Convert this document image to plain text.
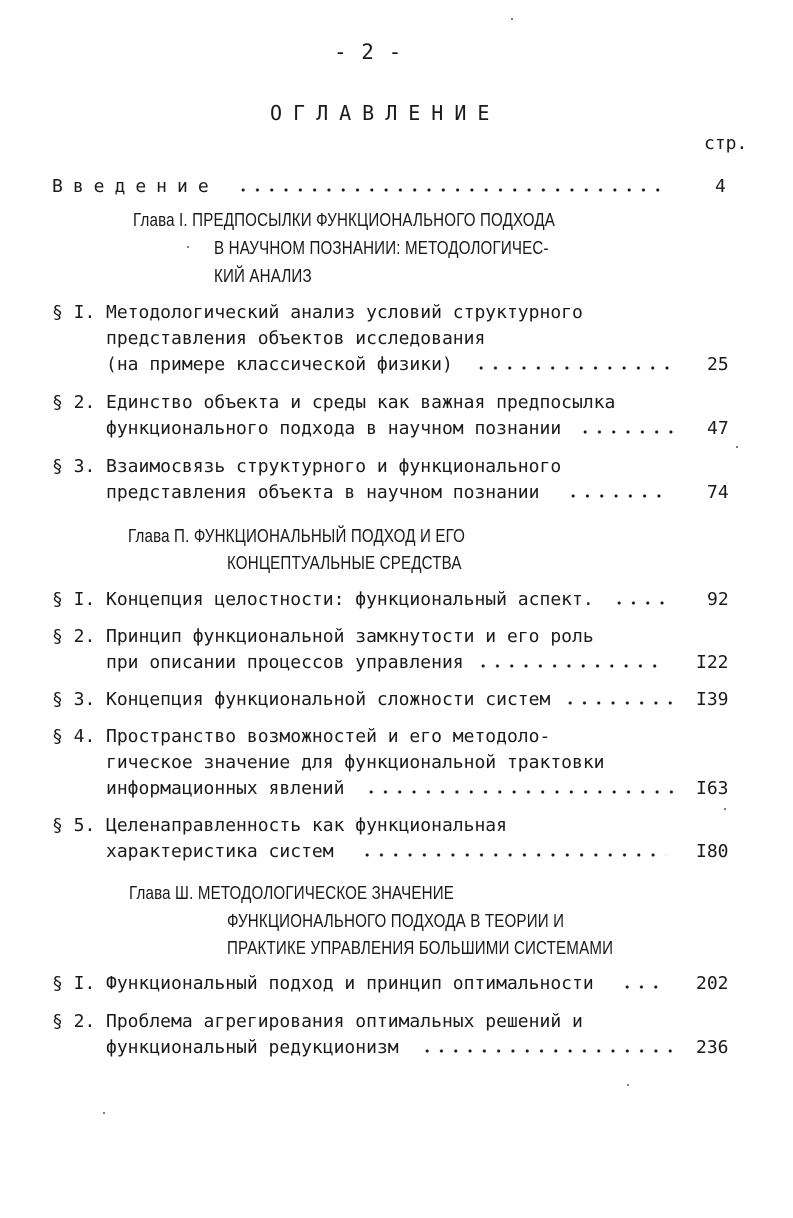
- 2 -
ОГЛАВЛЕНИЕ
стр.
Введение	4
Глава I. ПРЕДПОСЫЛКИ ФУНКЦИОНАЛЬНОГО ПОДХОДА
В НАУЧНОМ ПОЗНАНИИ: МЕТОДОЛОГИЧЕС-
КИЙ АНАЛИЗ
§ I. Методологический анализ условий структурного
представления объектов исследования
(на примере классической физики)	25
§ 2. Единство объекта и среды как важная предпосылка
функционального подхода в научном познании	47
§ 3. Взаимосвязь структурного и функционального
представления объекта в научном познании	74
Глава П. ФУНКЦИОНАЛЬНЫЙ ПОДХОД И ЕГО
КОНЦЕПТУАЛЬНЫЕ СРЕДСТВА
§ I. Концепция целостности: функциональный аспект.	92
§ 2. Принцип функциональной замкнутости и его роль
при описании процессов управления	I22
§ 3. Концепция функциональной сложности систем	I39
§ 4. Пространство возможностей и его методоло-
гическое значение для функциональной трактовки
информационных явлений	I63
§ 5. Целенаправленность как функциональная
характеристика систем	I80
Глава Ш. МЕТОДОЛОГИЧЕСКОЕ ЗНАЧЕНИЕ
ФУНКЦИОНАЛЬНОГО ПОДХОДА В ТЕОРИИ И
ПРАКТИКЕ УПРАВЛЕНИЯ БОЛЬШИМИ СИСТЕМАМИ
§ I. Функциональный подход и принцип оптимальности	202
§ 2. Проблема агрегирования оптимальных решений и
функциональный редукционизм	236
